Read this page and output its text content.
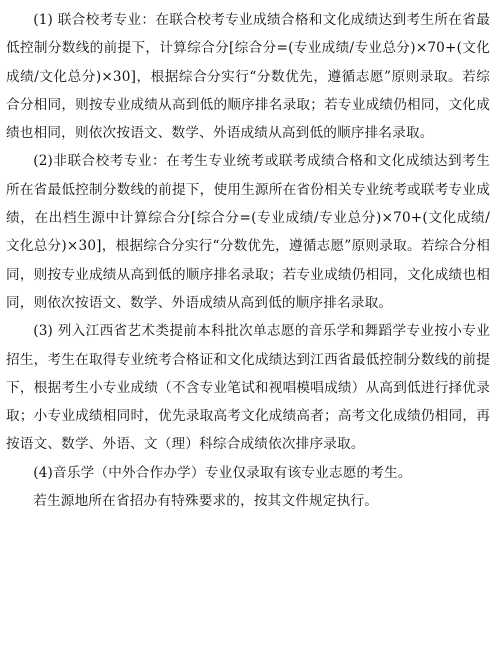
(1) 联合校考专业：在联合校考专业成绩合格和文化成绩达到考生所在省最低控制分数线的前提下，计算综合分[综合分=(专业成绩/专业总分)×70+(文化成绩/文化总分)×30]，根据综合分实行“分数优先，遵循志愿”原则录取。若综合分相同，则按专业成绩从高到低的顺序排名录取；若专业成绩仍相同，文化成绩也相同，则依次按语文、数学、外语成绩从高到低的顺序排名录取。

(2)非联合校考专业：在考生专业统考或联考成绩合格和文化成绩达到考生所在省最低控制分数线的前提下，使用生源所在省份相关专业统考或联考专业成绩，在出档生源中计算综合分[综合分=(专业成绩/专业总分)×70+(文化成绩/文化总分)×30]，根据综合分实行“分数优先，遵循志愿”原则录取。若综合分相同，则按专业成绩从高到低的顺序排名录取；若专业成绩仍相同，文化成绩也相同，则依次按语文、数学、外语成绩从高到低的顺序排名录取。

(3) 列入江西省艺术类提前本科批次单志愿的音乐学和舞蹈学专业按小专业招生，考生在取得专业统考合格证和文化成绩达到江西省最低控制分数线的前提下，根据考生小专业成绩（不含专业笔试和视唱模唱成绩）从高到低进行择优录取；小专业成绩相同时，优先录取高考文化成绩高者；高考文化成绩仍相同，再按语文、数学、外语、文（理）科综合成绩依次排序录取。

(4)音乐学（中外合作办学）专业仅录取有该专业志愿的考生。

若生源地所在省招办有特殊要求的，按其文件规定执行。
